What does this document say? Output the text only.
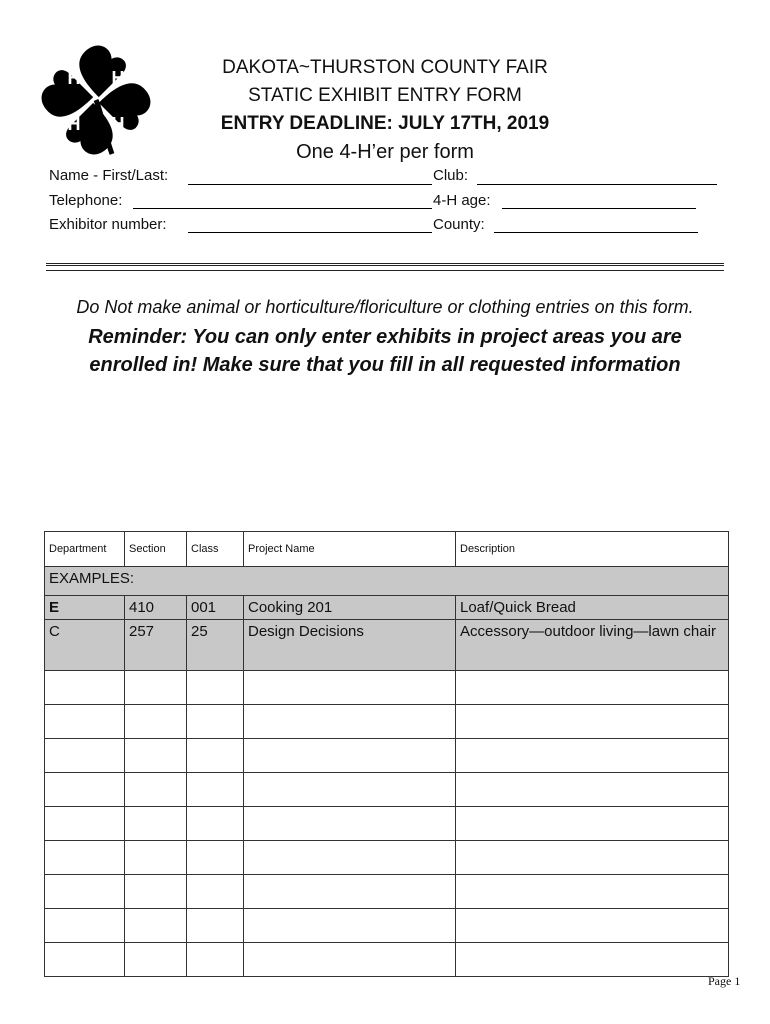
H H
H H
DAKOTA~THURSTON COUNTY FAIR
STATIC EXHIBIT ENTRY FORM
ENTRY DEADLINE: JULY 17TH, 2019
One 4-H’er per form
Name - First/Last:	Club:
Telephone:	4-H age:
Exhibitor number:	County:
Do Not make animal or horticulture/floriculture or clothing entries on this form.
Reminder: You can only enter exhibits in project areas you are enrolled in! Make sure that you fill in all requested information
Department	Section	Class	Project Name	Description
EXAMPLES:				
E	410	001	Cooking 201	Loaf/Quick Bread
C	257	25	Design Decisions	Accessory—outdoor living—lawn chair

Page 1
